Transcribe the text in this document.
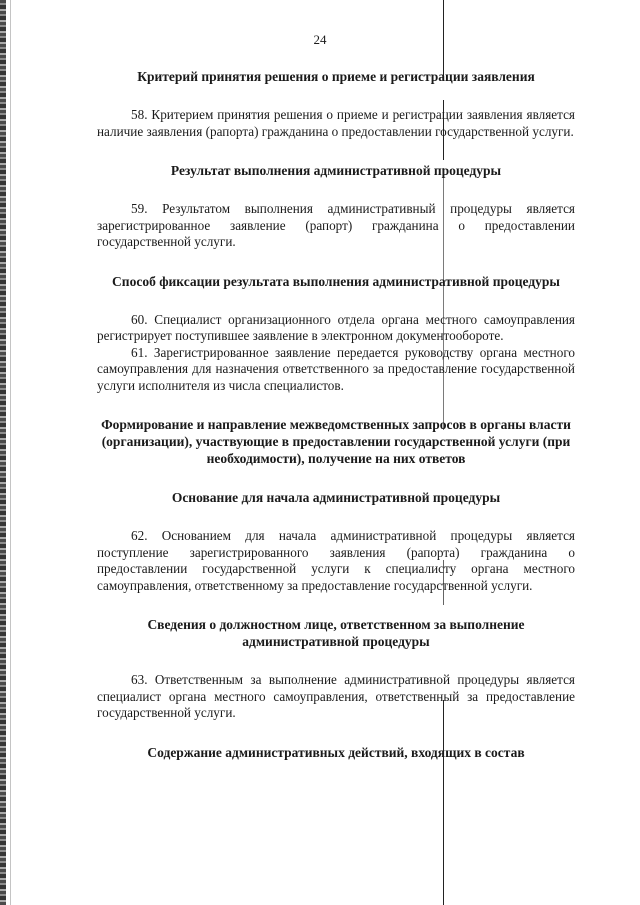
24
Критерий принятия решения о приеме и регистрации заявления

58. Критерием принятия решения о приеме и регистрации заявления является наличие заявления (рапорта) гражданина о предоставлении государственной услуги.

Результат выполнения административной процедуры

59. Результатом выполнения административный процедуры является зарегистрированное заявление (рапорт) гражданина о предоставлении государственной услуги.

Способ фиксации результата выполнения административной процедуры

60. Специалист организационного отдела органа местного самоуправления регистрирует поступившее заявление в электронном документообороте.

61. Зарегистрированное заявление передается руководству органа местного самоуправления для назначения ответственного за предоставление государственной услуги исполнителя из числа специалистов.

Формирование и направление межведомственных запросов в органы власти (организации), участвующие в предоставлении государственной услуги (при необходимости), получение на них ответов
Основание для начала административной процедуры

62. Основанием для начала административной процедуры является поступление зарегистрированного заявления (рапорта) гражданина о предоставлении государственной услуги к специалисту органа местного самоуправления, ответственному за предоставление государственной услуги.

Сведения о должностном лице, ответственном за выполнение административной процедуры

63. Ответственным за выполнение административной процедуры является специалист органа местного самоуправления, ответственный за предоставление государственной услуги.

Содержание административных действий, входящих в состав
